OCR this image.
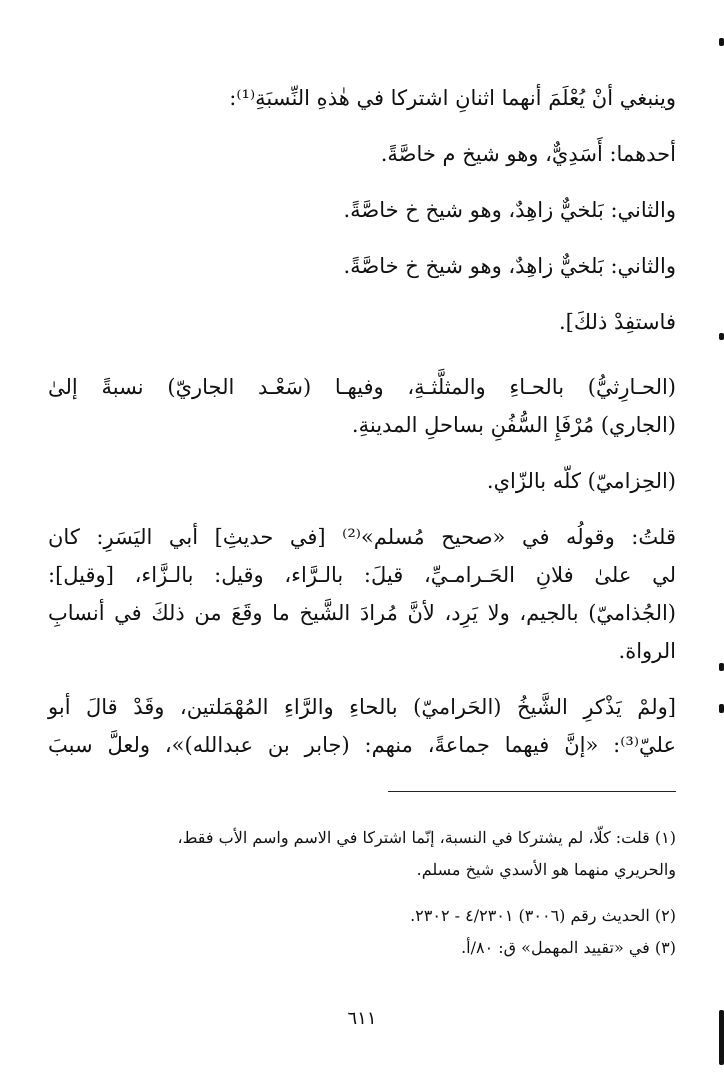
وينبغي أنْ يُعْلَمَ أنهما اثنانِ اشتركا في هٰذهِ النِّسبَةِ⁽¹⁾:
أحدهما: أَسَدِيٌّ، وهو شيخ م خاصَّةً.
والثاني: بَلخيٌّ زاهِدٌ، وهو شيخ خ خاصَّةً.
والثاني: بَلخيٌّ زاهِدٌ، وهو شيخ خ خاصَّةً.
فاستفِدْ ذلكَ].
(الحـارِثيُّ) بالحـاءِ والمثلَّثـةِ، وفيهـا (سَعْـد الجاريّ) نسبةً إلىٰ
(الجاري) مُرْفَإِ السُّفُنِ بساحلِ المدينةِ.
(الحِزاميّ) كلّه بالزّاي.
قلتُ: وقولُه في «صحيح مُسلم»⁽²⁾ [في حديثِ] أبي اليَسَرِ: كان
لي علىٰ فلانِ الحَـرامـيِّ، قيلَ: بالـرَّاء، وقيل: بالـزَّاء، [وقيل]:
(الجُذاميّ) بالجيم، ولا يَرِد، لأنَّ مُرادَ الشَّيخ ما وقَعَ من ذلكَ في أنسابِ
الرواة.
[ولمْ يَذْكرِ الشَّيخُ (الحَراميّ) بالحاءِ والرَّاءِ المُهْمَلتين، وقَدْ قالَ أبو
عليّ⁽³⁾: «إنَّ فيهما جماعةً، منهم: (جابر بن عبدالله)»، ولعلَّ سببَ
(١) قلت: كلّا، لم يشتركا في النسبة، إنّما اشتركا في الاسم واسم الأب فقط،
والحريري منهما هو الأسدي شيخ مسلم.
(٢) الحديث رقم (٣٠٠٦) ٤/٢٣٠١ - ٢٣٠٢.
(٣) في «تقييد المهمل» ق: ٨٠/أ.
٦١١
